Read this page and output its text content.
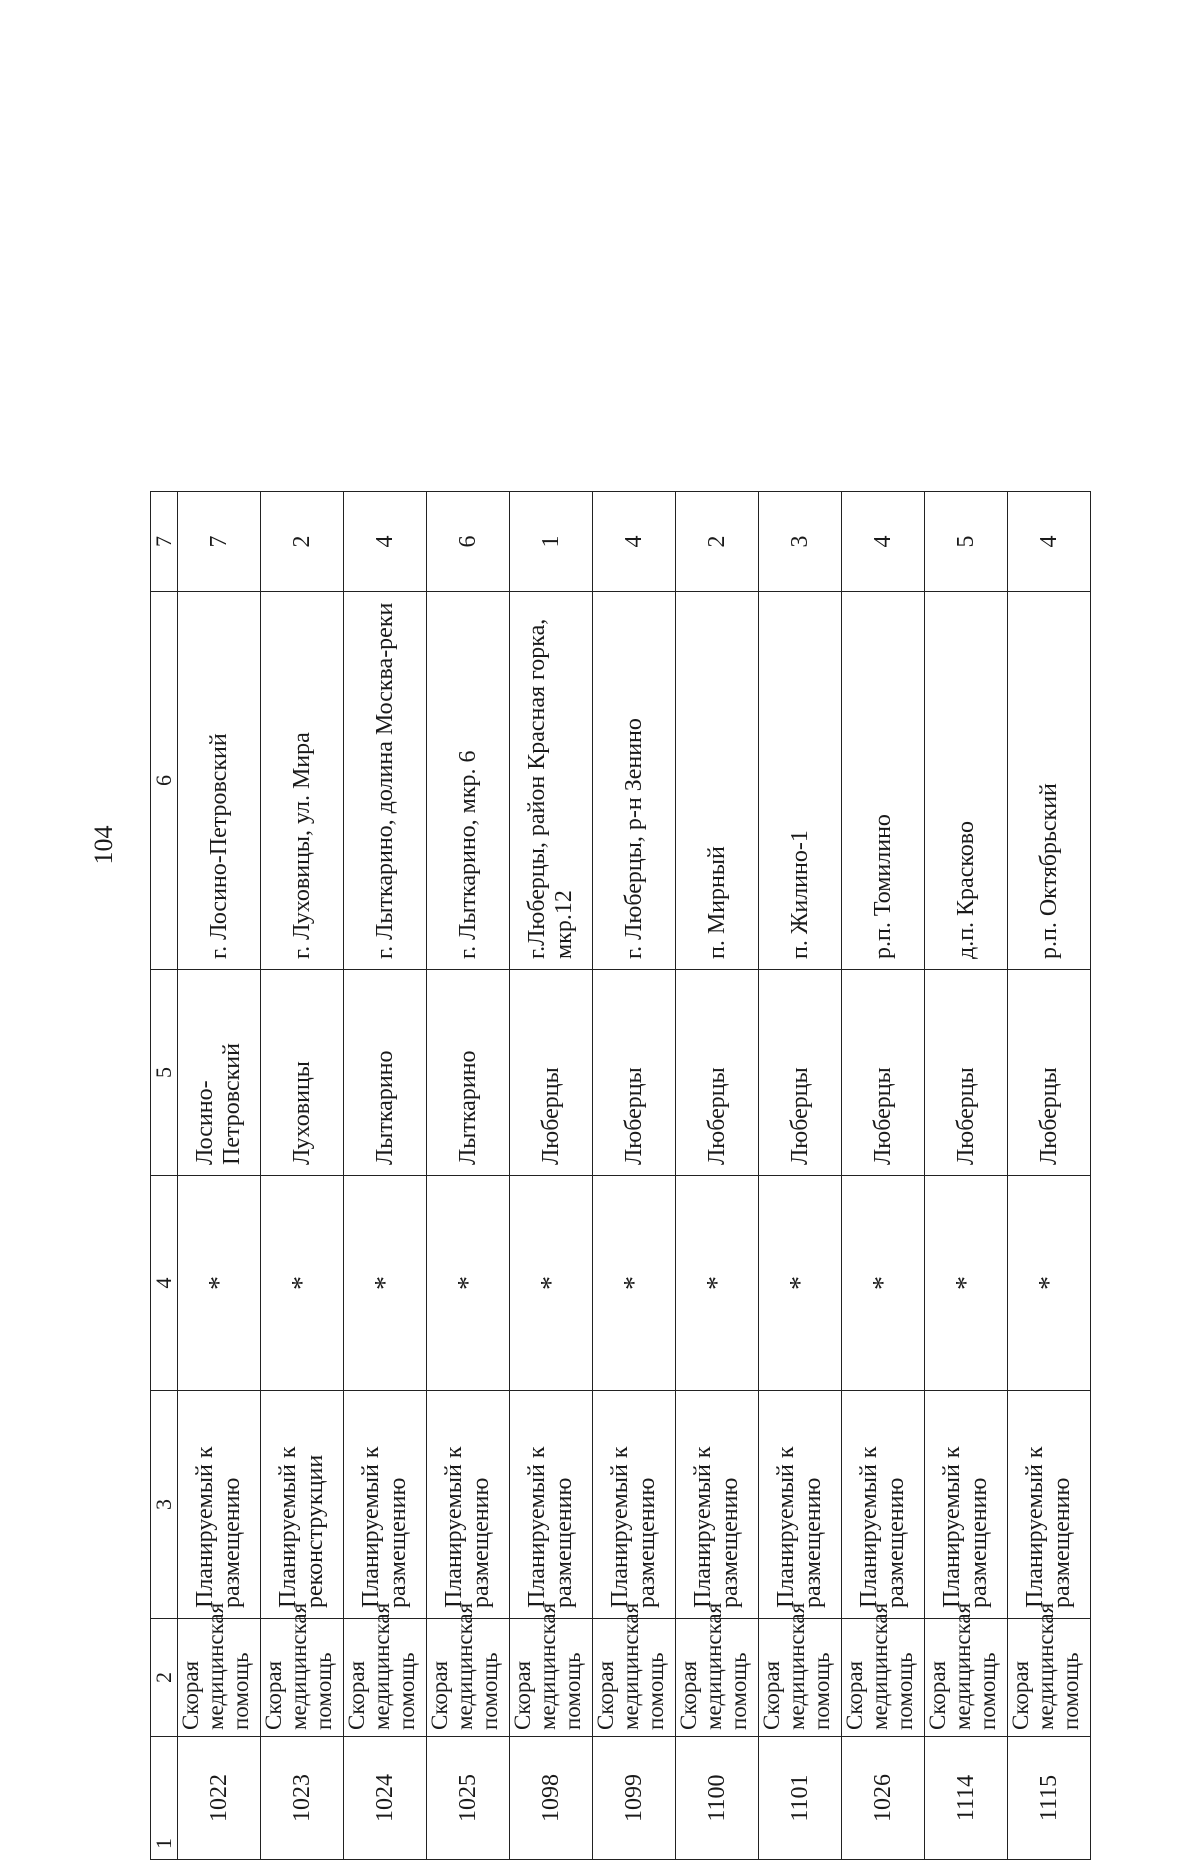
104
1	2	3	4	5	6	7
1022	Скорая медицинская помощь	Планируемый к размещению	*	Лосино-Петровский	г. Лосино-Петровский	7
1023	Скорая медицинская помощь	Планируемый к реконструкции	*	Луховицы	г. Луховицы, ул. Мира	2
1024	Скорая медицинская помощь	Планируемый к размещению	*	Лыткарино	г. Лыткарино, долина Москва-реки	4
1025	Скорая медицинская помощь	Планируемый к размещению	*	Лыткарино	г. Лыткарино, мкр. 6	6
1098	Скорая медицинская помощь	Планируемый к размещению	*	Люберцы	г.Люберцы, район Красная горка, мкр.12	1
1099	Скорая медицинская помощь	Планируемый к размещению	*	Люберцы	г. Люберцы, р-н Зенино	4
1100	Скорая медицинская помощь	Планируемый к размещению	*	Люберцы	п. Мирный	2
1101	Скорая медицинская помощь	Планируемый к размещению	*	Люберцы	п. Жилино-1	3
1026	Скорая медицинская помощь	Планируемый к размещению	*	Люберцы	р.п. Томилино	4
1114	Скорая медицинская помощь	Планируемый к размещению	*	Люберцы	д.п. Красково	5
1115	Скорая медицинская помощь	Планируемый к размещению	*	Люберцы	р.п. Октябрьский	4
